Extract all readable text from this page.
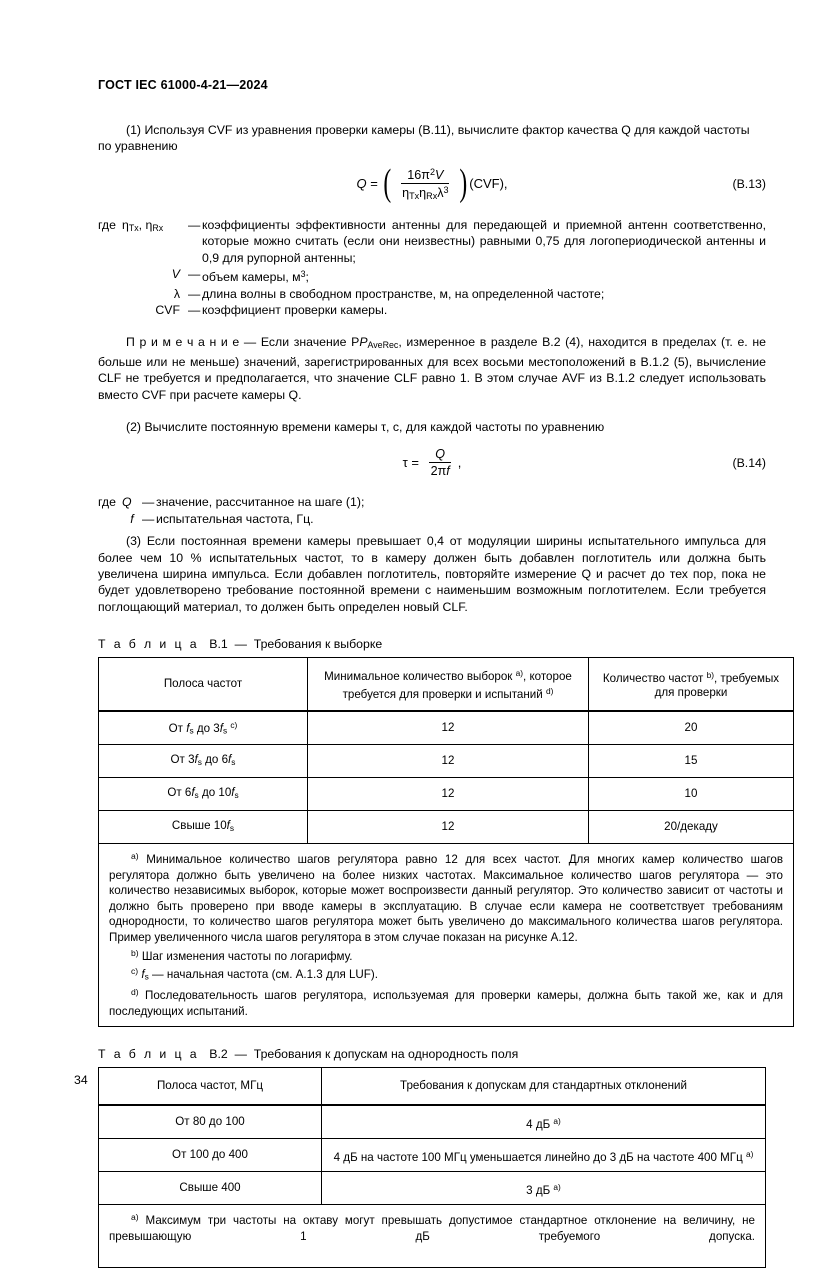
ГОСТ IEC 61000-4-21—2024

(1) Используя CVF из уравнения проверки камеры (B.11), вычислите фактор качества Q для каждой частоты

по уравнению

Q = ( $\frac{16\pi^2V}{\eta_{Tx}\eta_{Rx}\lambda^3}$ ) (CVF),	(B.13)
где $\eta_{Tx}$, $\eta_{Rx}$	— коэффициенты эффективности антенны для передающей и приемной антенн соответственно, которые можно считать (если они неизвестны) равными 0,75 для логопериодической антенны и 0,9 для рупорной антенны;
V — объем камеры, $м^3$;
λ — длина волны в свободном пространстве, м, на определенной частоте;
CVF — коэффициент проверки камеры.

П р и м е ч а н и е — Если значение $PP_{AveRec}$, измеренное в разделе B.2 (4), находится в пределах (т. е. не больше или не меньше) значений, зарегистрированных для всех восьми местоположений в B.1.2 (5), вычисление CLF не требуется и предполагается, что значение CLF равно 1. В этом случае AVF из B.1.2 следует использовать вместо CVF при расчете камеры Q.

(2) Вычислите постоянную времени камеры τ, с, для каждой частоты по уравнению

$\tau = \frac{Q}{2\pi f}$ ,	(B.14)
где Q — значение, рассчитанное на шаге (1);
f — испытательная частота, Гц.

(3) Если постоянная времени камеры превышает 0,4 от модуляции ширины испытательного импульса для более чем 10 % испытательных частот, то в камеру должен быть добавлен поглотитель или должна быть увеличена ширина импульса. Если добавлен поглотитель, повторяйте измерение Q и расчет до тех пор, пока не будет удовлетворено требование постоянной времени с наименьшим возможным поглотителем. Если требуется поглощающий материал, то должен быть определен новый CLF.

Т а б л и ц а B.1 — Требования к выборке
Полоса частот	Минимальное количество выборок $^{a)}$, которое требуется для проверки и испытаний $^{d)}$	Количество частот $^{b)}$, требуемых для проверки
От $f_s$ до $3f_s$ $^{c)}$	12	20
От $3f_s$ до $6f_s$	12	15
От $6f_s$ до $10f_s$	12	10
Свыше $10f_s$	12	20/декаду

$^{a)}$ Минимальное количество шагов регулятора равно 12 для всех частот. Для многих камер количество шагов регулятора должно быть увеличено на более низких частотах. Максимальное количество шагов регулятора — это количество независимых выборок, которые может воспроизвести данный регулятор. Это количество зависит от частоты и должно быть проверено при вводе камеры в эксплуатацию. В случае если камера не соответствует требованиям однородности, то количество шагов регулятора может быть увеличено до максимального количества шагов регулятора. Пример увеличенного числа шагов регулятора в этом случае показан на рисунке A.12.

$^{b)}$ Шаг изменения частоты по логарифму.

$^{c)}$ $f_s$ — начальная частота (см. A.1.3 для LUF).

$^{d)}$ Последовательность шагов регулятора, используемая для проверки камеры, должна быть такой же, как и для последующих испытаний.		

Т а б л и ц а B.2 — Требования к допускам на однородность поля
Полоса частот, МГц	Требования к допускам для стандартных отклонений
От 80 до 100	4 дБ $^{a)}$
От 100 до 400	4 дБ на частоте 100 МГц уменьшается линейно до 3 дБ на частоте 400 МГц $^{a)}$
Свыше 400	3 дБ $^{a)}$

$^{a)}$ Максимум три частоты на октаву могут превышать допустимое стандартное отклонение на величину, не превышающую 1 дБ требуемого допуска.	

34
